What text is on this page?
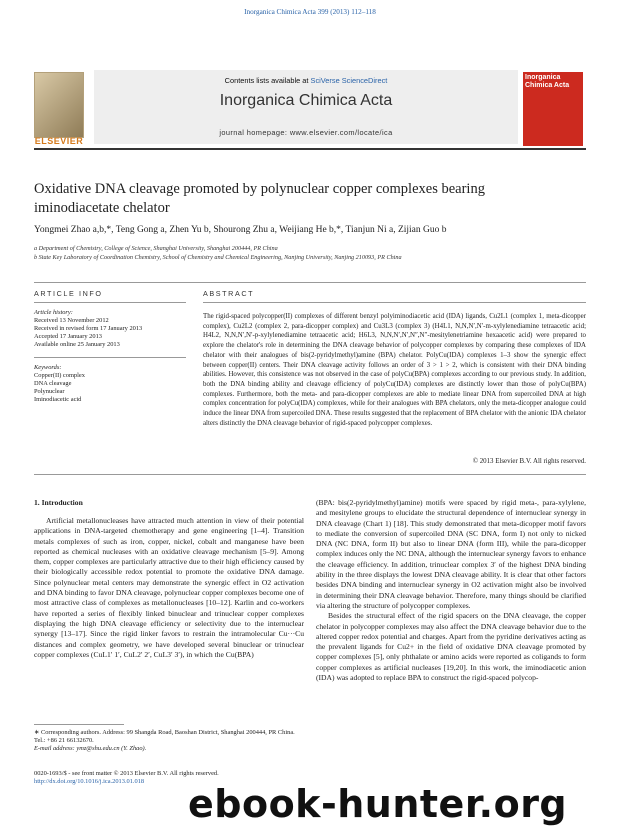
Inorganica Chimica Acta 399 (2013) 112–118
ELSEVIER
Contents lists available at SciVerse ScienceDirect
Inorganica Chimica Acta
journal homepage: www.elsevier.com/locate/ica
Inorganica Chimica Acta
Oxidative DNA cleavage promoted by polynuclear copper complexes bearing
iminodiacetate chelator
Yongmei Zhao a,b,*, Teng Gong a, Zhen Yu b, Shourong Zhu a, Weijiang He b,*, Tianjun Ni a, Zijian Guo b
a Department of Chemistry, College of Science, Shanghai University, Shanghai 200444, PR China
b State Key Laboratory of Coordination Chemistry, School of Chemistry and Chemical Engineering, Nanjing University, Nanjing 210093, PR China
ARTICLE INFO	ABSTRACT
Article history:
Received 13 November 2012
Received in revised form 17 January 2013
Accepted 17 January 2013
Available online 25 January 2013
Keywords:
Copper(II) complex
DNA cleavage
Polynuclear
Iminodiacetic acid
The rigid-spaced polycopper(II) complexes of different benzyl polyiminodiacetic acid (IDA) ligands, Cu2L1 (complex 1, meta-dicopper complex), Cu2L2 (complex 2, para-dicopper complex) and Cu3L3 (complex 3) (H4L1, N,N,N′,N′-m-xylylenediamine tetraacetic acid; H4L2, N,N,N′,N′-p-xylylenediamine tetraacetic acid; H6L3, N,N,N′,N′,N″,N″-mesitylenetriamine hexaacetic acid) were prepared to explore the chelator's role in determining the DNA cleavage behavior of polycopper complexes by comparing these complexes of IDA chelator with their analogues of bis(2-pyridylmethyl)amine (BPA) chelator. PolyCu(IDA) complexes 1–3 show the synergic effect between copper(II) centers. Their DNA cleavage activity follows an order of 3 > 1 > 2, which is consistent with their DNA binding abilities. However, this consistence was not observed in the case of polyCu(BPA) complexes according to our previous study. In addition, both the DNA binding ability and cleavage efficiency of polyCu(IDA) complexes are distinctly lower than those of polyCu(BPA) complexes. Furthermore, both the meta- and para-dicopper complexes are able to mediate linear DNA from supercoiled DNA at high complex concentration for polyCu(IDA) complexes, while for their analogues with BPA chelators, only the meta-dicopper analogue could induce the linear DNA from supercoiled DNA. These results suggested that the replacement of BPA chelator with the anionic IDA chelator alters distinctly the DNA cleavage behavior of rigid-spaced polycopper complexes.
© 2013 Elsevier B.V. All rights reserved.
1. Introduction

Artificial metallonucleases have attracted much attention in view of their potential applications in DNA-targeted chemotherapy and gene engineering [1–4]. Transition metals complexes of such as iron, copper, nickel, cobalt and manganese have been reported as chemical nucleases with an oxidative cleavage mechanism [5–9]. Among them, copper complexes are particularly attractive due to their high efficiency caused by their biologically accessible redox potential to promote the oxidative DNA damage. Since polynuclear metal centers may demonstrate the synergic effect in O2 activation and DNA binding to favor DNA cleavage, polynuclear copper complexes become one of most attractive class of complexes as metallonucleases [10–12]. Karlin and co-workers have reported a series of flexibly linked binuclear and trinuclear copper complexes displaying the high DNA cleavage efficiency or selectivity due to the internuclear synergy [13–17]. Since the rigid linker favors to restrain the intramolecular Cu···Cu distances and complex geometry, we have developed several binuclear or trinuclear copper complexes (CuL1′ 1′, CuL2′ 2′, CuL3′ 3′), in which the Cu(BPA)

(BPA: bis(2-pyridylmethyl)amine) motifs were spaced by rigid meta-, para-xylylene, and mesitylene groups to elucidate the structural dependence of internuclear synergy in DNA cleavage (Chart 1) [18]. This study demonstrated that meta-dicopper motif favors to mediate the conversion of supercoiled DNA (SC DNA, form I) not only to nicked DNA (NC DNA, form II) but also to linear DNA (form III), while the para-dicopper complex induces only the NC DNA, although the internuclear synergy favors to enhance the cleavage efficiency. In addition, trinuclear complex 3′ of the highest DNA binding ability in the three displays the lowest DNA cleavage ability. It is clear that other factors besides DNA binding and internuclear synergy in O2 activation might also be involved in determining their DNA cleavage behavior. Therefore, many things should be clarified via altering the structure of polycopper complexes.

Besides the structural effect of the rigid spacers on the DNA cleavage, the copper chelator in polycopper complexes may also affect the DNA cleavage behavior due to the altered copper redox potential and charges. Apart from the pyridine derivatives acting as the prevalent ligands for Cu2+ in the field of oxidative DNA cleavage promoted by copper complexes [5], only phthalate or amino acids were reported as coligands to form copper complexes as artificial nucleases [19,20]. In this work, the iminodiacetic anion (IDA) was adopted to replace BPA to construct the rigid-spaced polycop-

∗ Corresponding authors. Address: 99 Shangda Road, Baoshan District, Shanghai 200444, PR China. Tel.: +86 21 66132670.
E-mail address: ymz@shu.edu.cn (Y. Zhao).
0020-1693/$ - see front matter © 2013 Elsevier B.V. All rights reserved.
http://dx.doi.org/10.1016/j.ica.2013.01.018
ebook-hunter.org
